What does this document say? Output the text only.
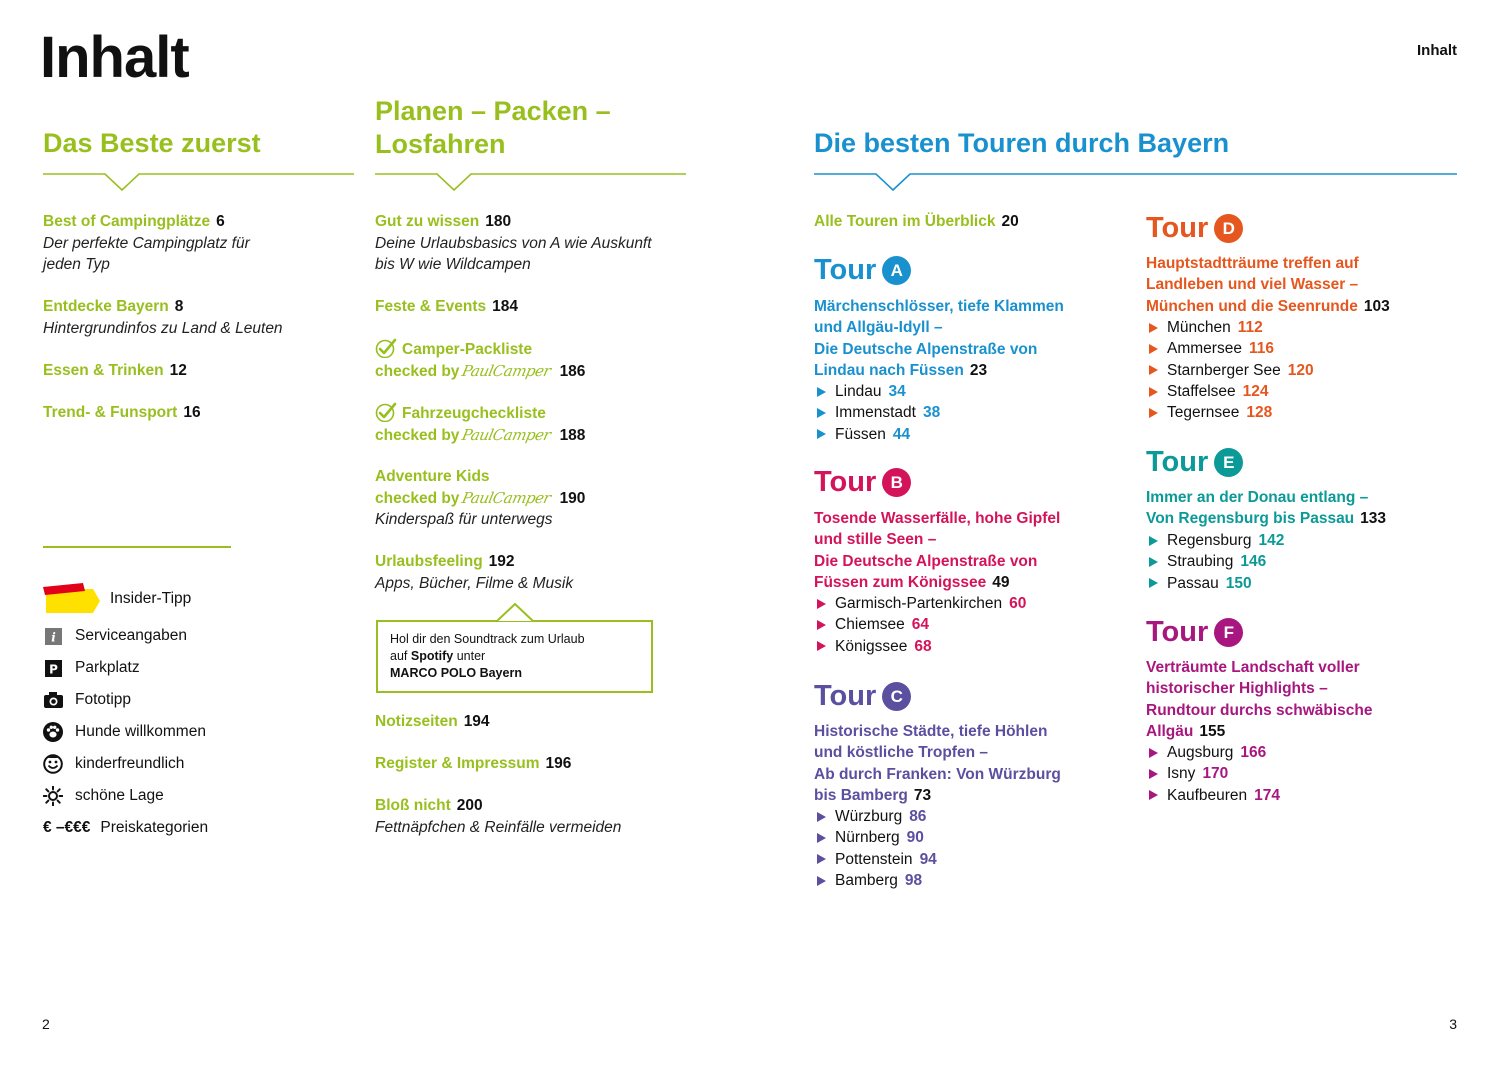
Inhalt	Inhalt
2	3
Das Beste zuerst
Best of Campingplätze 6
Der perfekte Campingplatz für
jeden Typ
Entdecke Bayern 8
Hintergrundinfos zu Land & Leuten
Essen & Trinken 12
Trend- & Funsport 16
Insider-Tipp
i Serviceangaben
P Parkplatz
Fototipp
Hunde willkommen
kinderfreundlich
schöne Lage
€ –€€€ Preiskategorien
Planen – Packen –
Losfahren
Gut zu wissen 180
Deine Urlaubsbasics von A wie Auskunft
bis W wie Wildcampen
Feste & Events 184
Camper-Packliste
checked byPaulCamper 186
Fahrzeugcheckliste
checked byPaulCamper 188
Adventure Kids
checked byPaulCamper 190
Kinderspaß für unterwegs
Urlaubsfeeling 192
Apps, Bücher, Filme & Musik
Hol dir den Soundtrack zum Urlaub
auf Spotify unter
MARCO POLO Bayern
Notizseiten 194
Register & Impressum 196
Bloß nicht 200
Fettnäpfchen & Reinfälle vermeiden
Die besten Touren durch Bayern
Alle Touren im Überblick 20
Tour A
Märchenschlösser, tiefe Klammen
und Allgäu-Idyll –
Die Deutsche Alpenstraße von
Lindau nach Füssen 23
Lindau 34
Immenstadt 38
Füssen 44
Tour B
Tosende Wasserfälle, hohe Gipfel
und stille Seen –
Die Deutsche Alpenstraße von
Füssen zum Königssee 49
Garmisch-Partenkirchen 60
Chiemsee 64
Königssee 68
Tour C
Historische Städte, tiefe Höhlen
und köstliche Tropfen –
Ab durch Franken: Von Würzburg
bis Bamberg 73
Würzburg 86
Nürnberg 90
Pottenstein 94
Bamberg 98
Tour D
Hauptstadtträume treffen auf
Landleben und viel Wasser –
München und die Seenrunde 103
München 112
Ammersee 116
Starnberger See 120
Staffelsee 124
Tegernsee 128
Tour E
Immer an der Donau entlang –
Von Regensburg bis Passau 133
Regensburg 142
Straubing 146
Passau 150
Tour F
Verträumte Landschaft voller
historischer Highlights –
Rundtour durchs schwäbische
Allgäu 155
Augsburg 166
Isny 170
Kaufbeuren 174
